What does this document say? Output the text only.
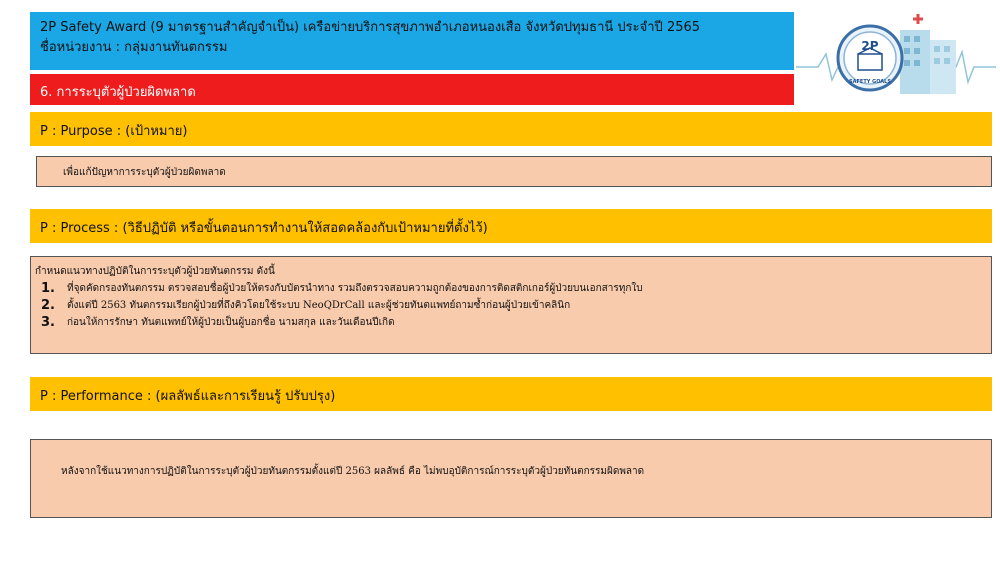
2P Safety Award (9 มาตรฐานสำคัญจำเป็น) เครือข่ายบริการสุขภาพอำเภอหนองเสือ จังหวัดปทุมธานี ประจำปี 2565
ชื่อหน่วยงาน : กลุ่มงานทันตกรรม	2P
SAFETY GOALS
6. การระบุตัวผู้ป่วยผิดพลาด
P : Purpose : (เป้าหมาย)
เพื่อแก้ปัญหาการระบุตัวผู้ป่วยผิดพลาด
P : Process : (วิธีปฏิบัติ หรือขั้นตอนการทำงานให้สอดคล้องกับเป้าหมายที่ตั้งไว้)
กำหนดแนวทางปฏิบัติในการระบุตัวผู้ป่วยทันตกรรม ดังนี้
1.	ที่จุดคัดกรองทันตกรรม ตรวจสอบชื่อผู้ป่วยให้ตรงกับบัตรนำทาง รวมถึงตรวจสอบความถูกต้องของการติดสติกเกอร์ผู้ป่วยบนเอกสารทุกใบ
2.	ตั้งแต่ปี 2563 ทันตกรรมเรียกผู้ป่วยที่ถึงคิวโดยใช้ระบบ NeoQDrCall และผู้ช่วยทันตแพทย์ถามซ้ำก่อนผู้ป่วยเข้าคลินิก
3.	ก่อนให้การรักษา ทันตแพทย์ให้ผู้ป่วยเป็นผู้บอกชื่อ นามสกุล และวันเดือนปีเกิด
P : Performance : (ผลลัพธ์และการเรียนรู้ ปรับปรุง)
หลังจากใช้แนวทางการปฏิบัติในการระบุตัวผู้ป่วยทันตกรรมตั้งแต่ปี 2563 ผลลัพธ์ คือ ไม่พบอุบัติการณ์การระบุตัวผู้ป่วยทันตกรรมผิดพลาด
